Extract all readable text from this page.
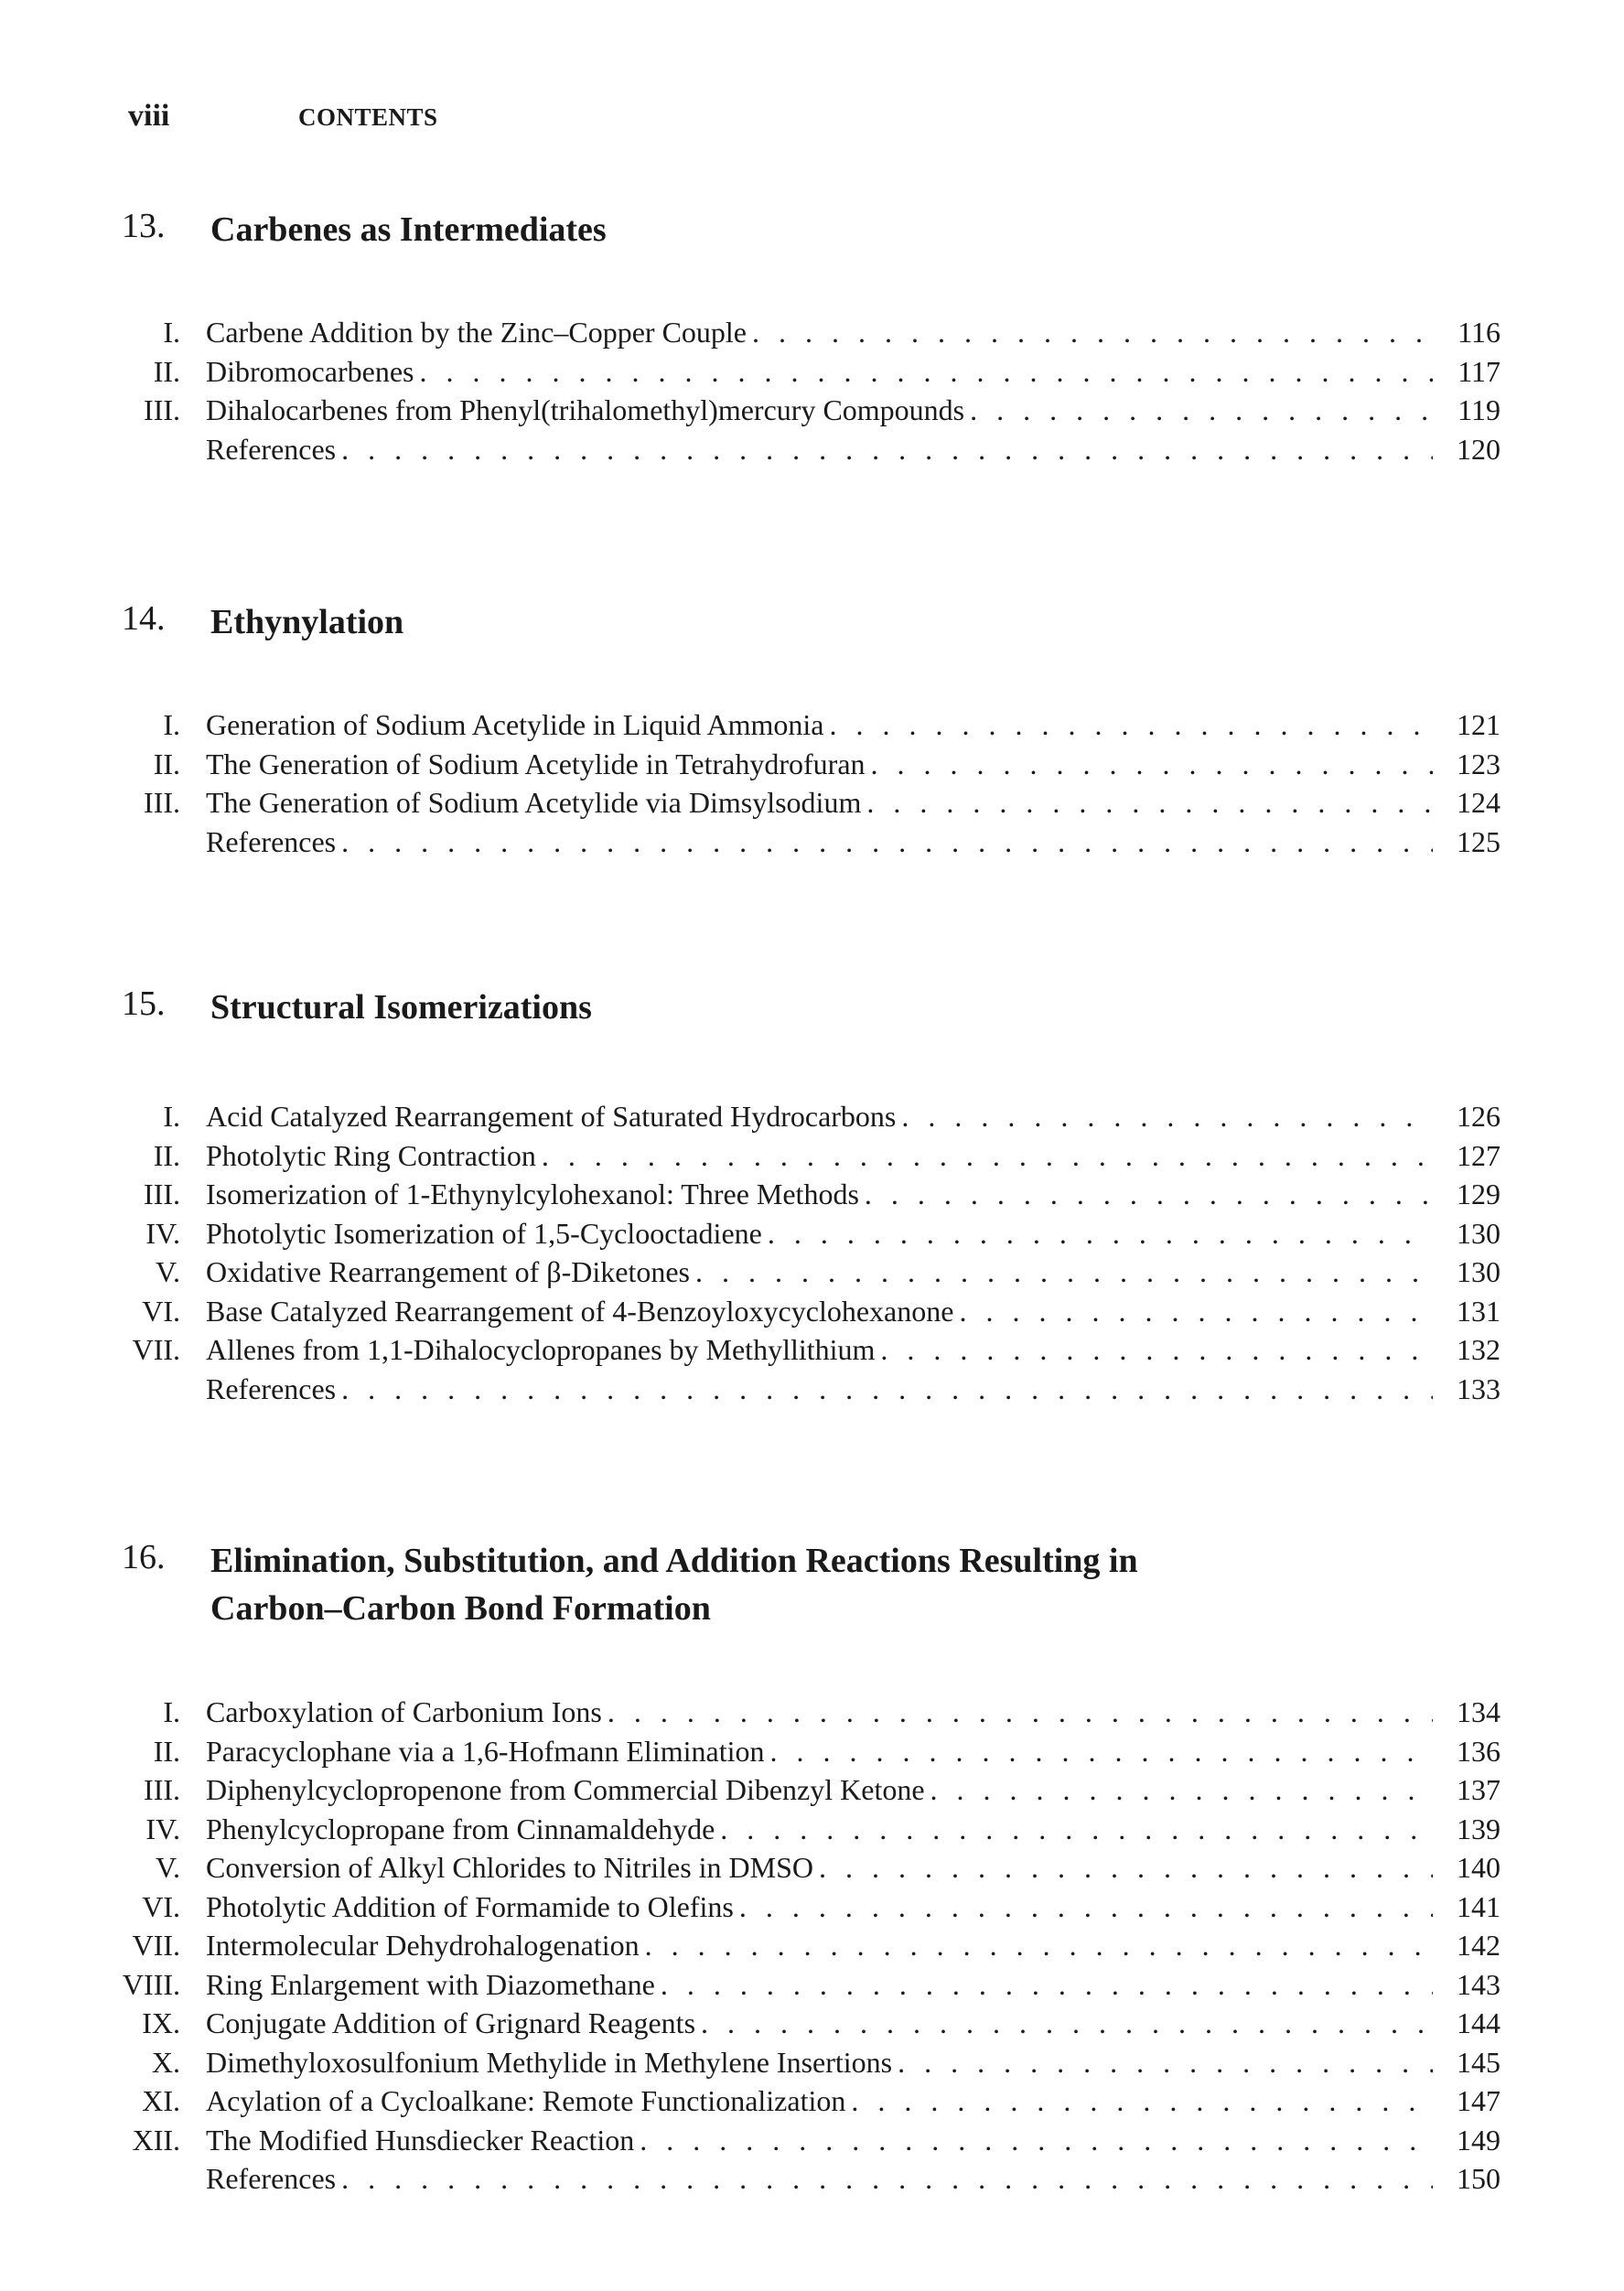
viii	CONTENTS
13. Carbenes as Intermediates
I. Carbene Addition by the Zinc–Copper Couple . . .	116
II. Dibromocarbenes . . .	117
III. Dihalocarbenes from Phenyl(trihalomethyl)mercury Compounds . . .	119
References . . .	120
14. Ethynylation
I. Generation of Sodium Acetylide in Liquid Ammonia . . .	121
II. The Generation of Sodium Acetylide in Tetrahydrofuran . . .	123
III. The Generation of Sodium Acetylide via Dimsylsodium . . .	124
References . . .	125
15. Structural Isomerizations
I. Acid Catalyzed Rearrangement of Saturated Hydrocarbons . . .	126
II. Photolytic Ring Contraction . . .	127
III. Isomerization of 1-Ethynylcylohexanol: Three Methods . . .	129
IV. Photolytic Isomerization of 1,5-Cyclooctadiene . . .	130
V. Oxidative Rearrangement of β-Diketones . . .	130
VI. Base Catalyzed Rearrangement of 4-Benzoyloxycyclohexanone . . .	131
VII. Allenes from 1,1-Dihalocyclopropanes by Methyllithium . . .	132
References . . .	133
16. Elimination, Substitution, and Addition Reactions Resulting in
Carbon–Carbon Bond Formation
I. Carboxylation of Carbonium Ions . . .	134
II. Paracyclophane via a 1,6-Hofmann Elimination . . .	136
III. Diphenylcyclopropenone from Commercial Dibenzyl Ketone . . .	137
IV. Phenylcyclopropane from Cinnamaldehyde . . .	139
V. Conversion of Alkyl Chlorides to Nitriles in DMSO . . .	140
VI. Photolytic Addition of Formamide to Olefins . . .	141
VII. Intermolecular Dehydrohalogenation . . .	142
VIII. Ring Enlargement with Diazomethane . . .	143
IX. Conjugate Addition of Grignard Reagents . . .	144
X. Dimethyloxosulfonium Methylide in Methylene Insertions . . .	145
XI. Acylation of a Cycloalkane: Remote Functionalization . . .	147
XII. The Modified Hunsdiecker Reaction . . .	149
References . . .	150
